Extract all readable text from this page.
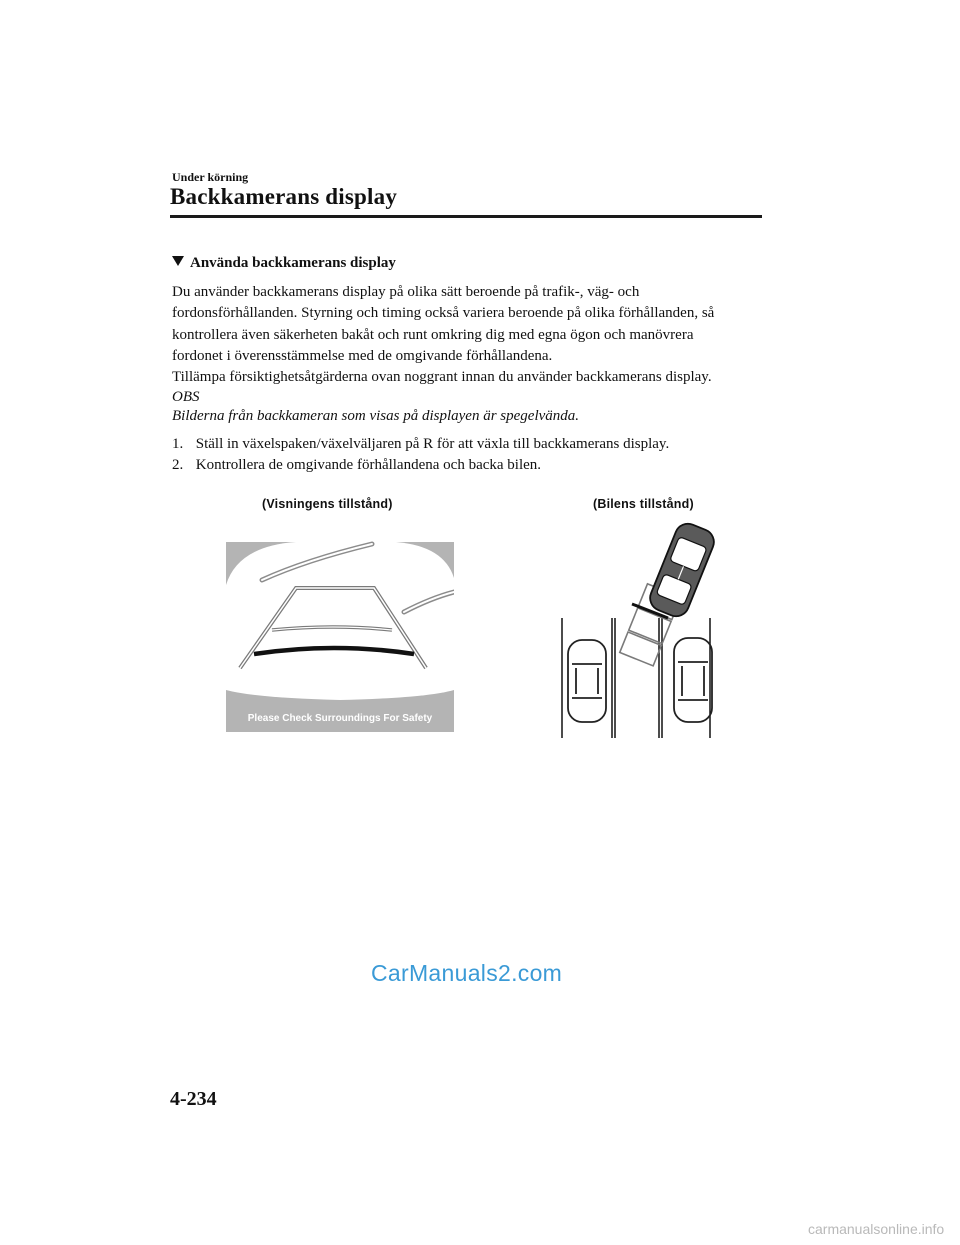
Under körning
Backkamerans display
Använda backkamerans display
Du använder backkamerans display på olika sätt beroende på trafik-, väg- och
fordonsförhållanden. Styrning och timing också variera beroende på olika förhållanden, så
kontrollera även säkerheten bakåt och runt omkring dig med egna ögon och manövrera
fordonet i överensstämmelse med de omgivande förhållandena.
Tillämpa försiktighetsåtgärderna ovan noggrant innan du använder backkamerans display.
OBS
Bilderna från backkameran som visas på displayen är spegelvända.
1. Ställ in växelspaken/växelväljaren på R för att växla till backkamerans display.
2. Kontrollera de omgivande förhållandena och backa bilen.
(Visningens tillstånd)	(Bilens tillstånd)
Please Check Surroundings For Safety
CarManuals2.com
4-234
carmanualsonline.info
